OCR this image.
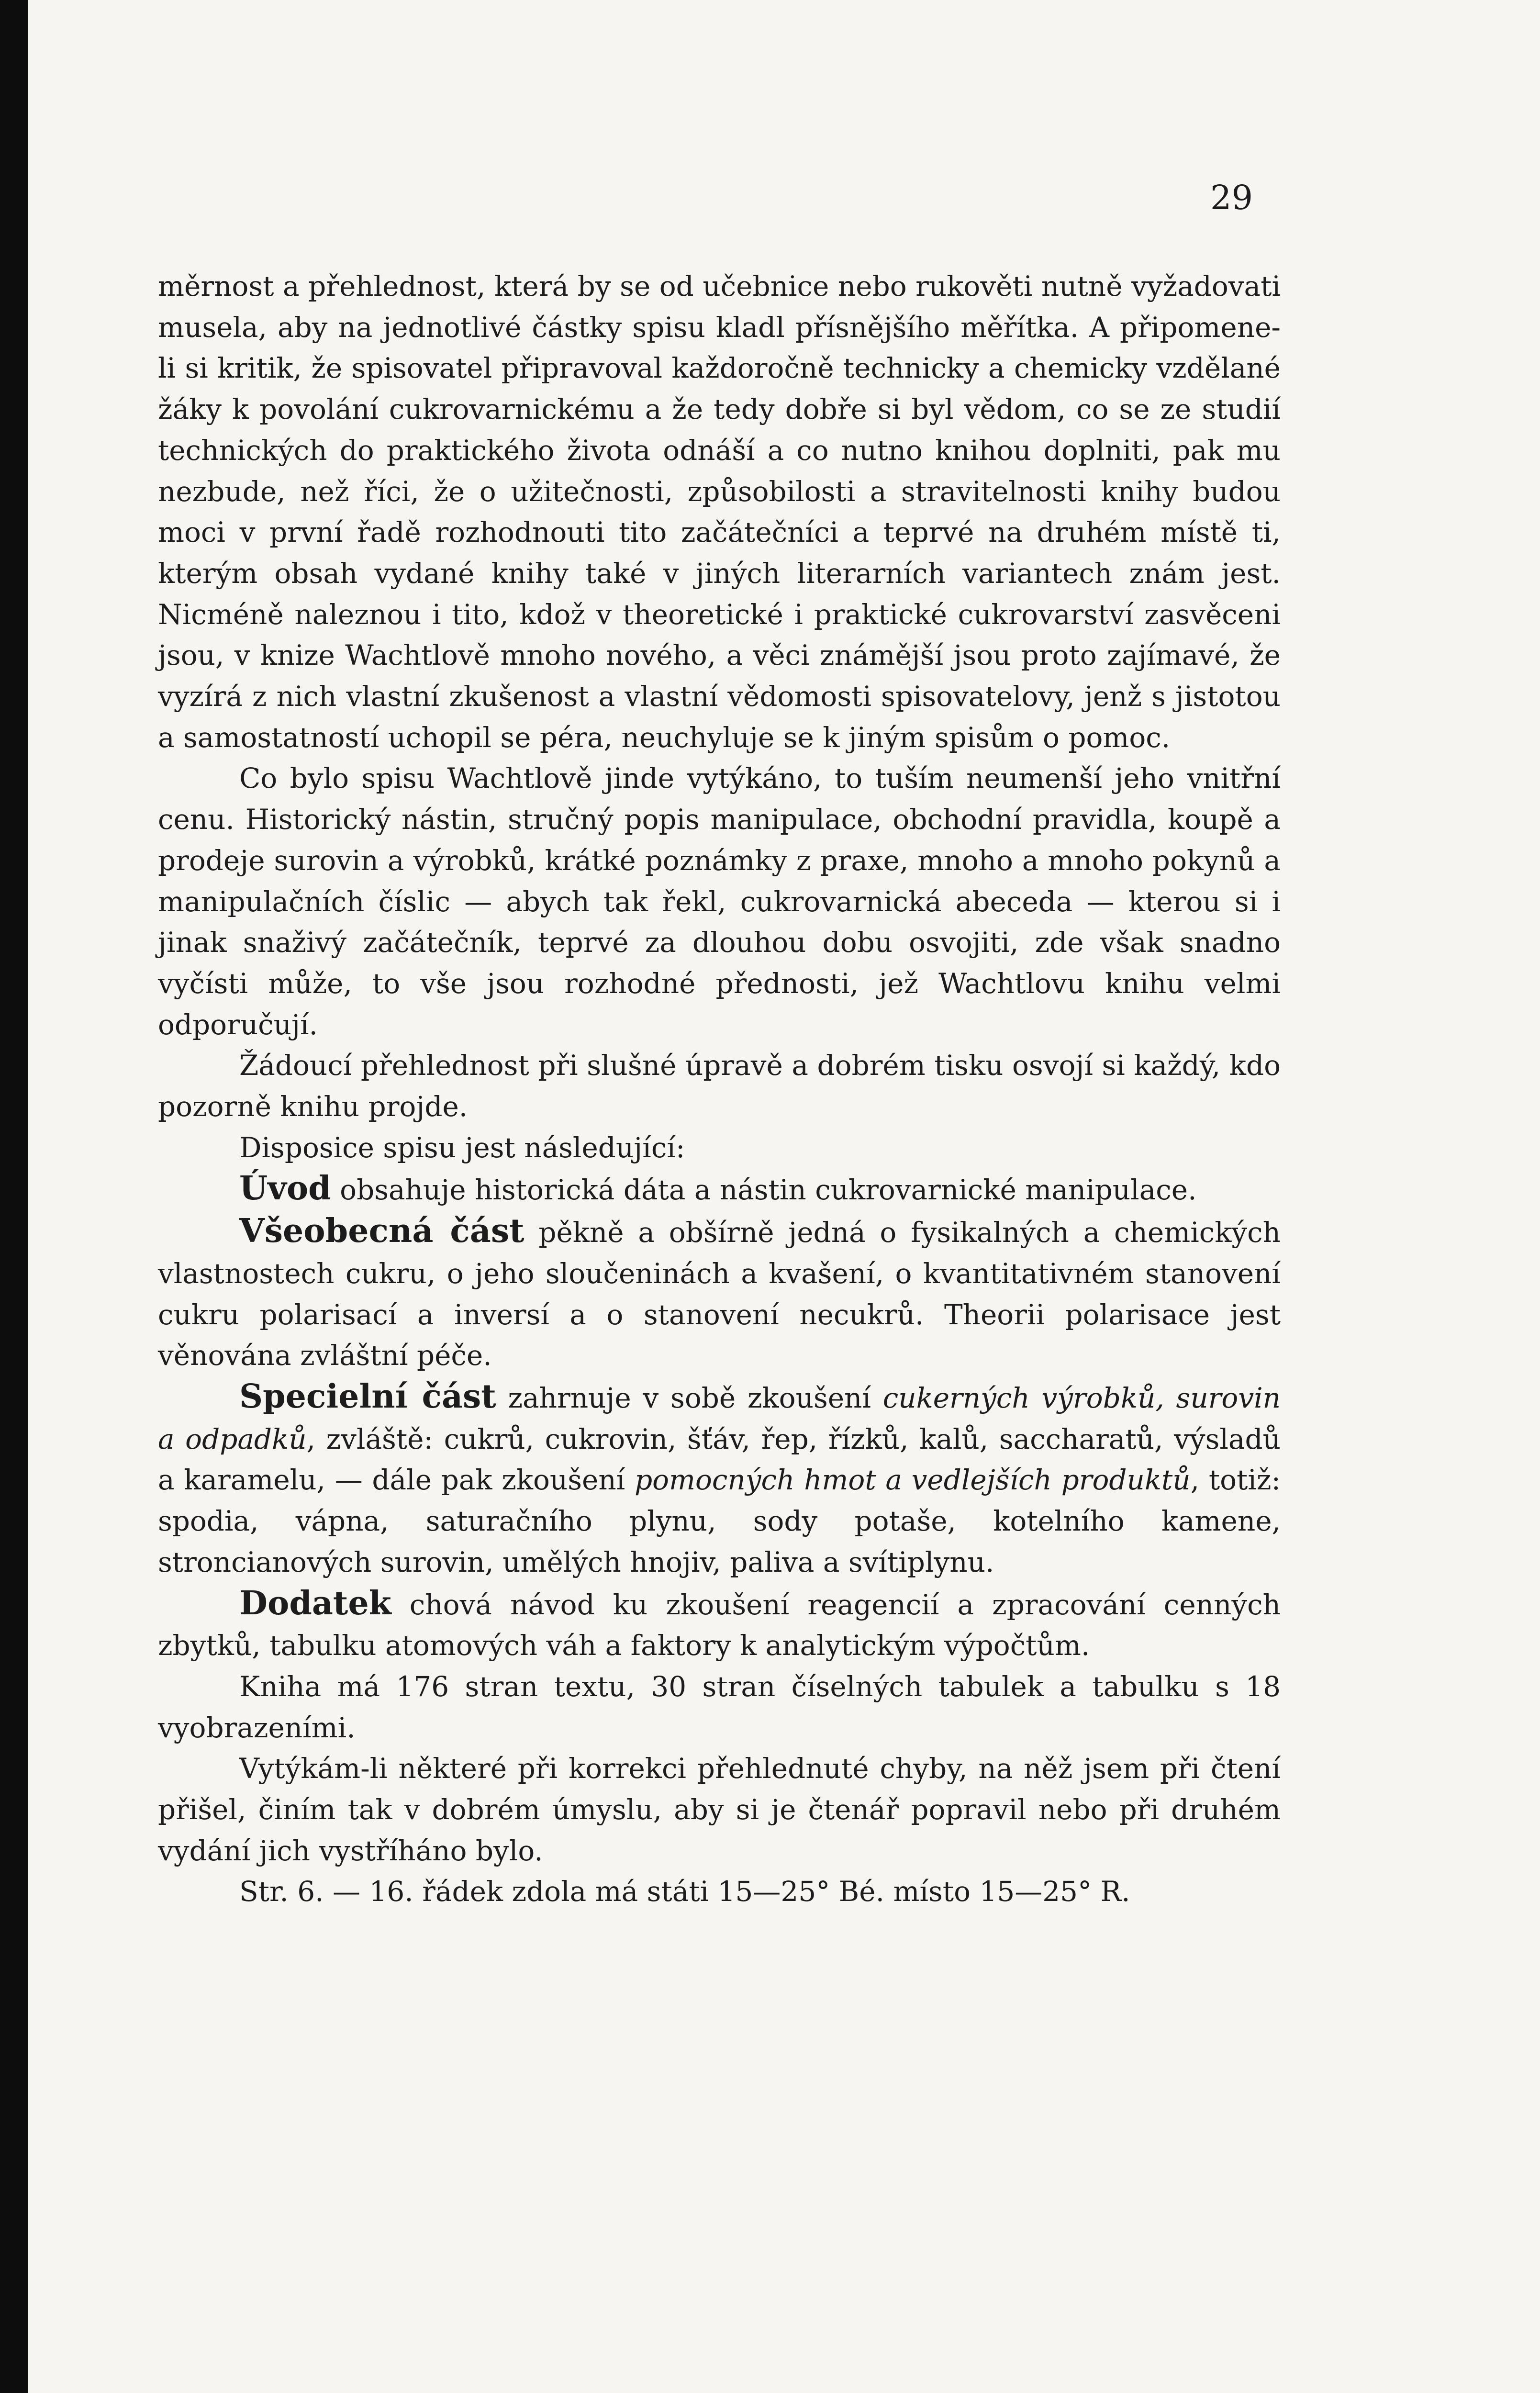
29

měrnost a přehlednost, která by se od učebnice nebo rukověti nutně vyžadovati musela, aby na jednotlivé částky spisu kladl přísnějšího měřítka. A připomene-li si kritik, že spisovatel připravoval každoročně technicky a chemicky vzdělané žáky k povolání cukrovarnickému a že tedy dobře si byl vědom, co se ze studií technických do praktického života odnáší a co nutno knihou doplniti, pak mu nezbude, než říci, že o užitečnosti, způsobilosti a stravitelnosti knihy budou moci v první řadě rozhodnouti tito začátečníci a teprvé na druhém místě ti, kterým obsah vydané knihy také v jiných literarních variantech znám jest. Nicméně naleznou i tito, kdož v theoretické i praktické cukrovarství zasvěceni jsou, v knize Wachtlově mnoho nového, a věci známější jsou proto zajímavé, že vyzírá z nich vlastní zkušenost a vlastní vědomosti spisovatelovy, jenž s jistotou a samostatností uchopil se péra, neuchyluje se k jiným spisům o pomoc.

Co bylo spisu Wachtlově jinde vytýkáno, to tuším neumenší jeho vnitřní cenu. Historický nástin, stručný popis manipulace, obchodní pravidla, koupě a prodeje surovin a výrobků, krátké poznámky z praxe, mnoho a mnoho pokynů a manipulačních číslic — abych tak řekl, cukrovarnická abeceda — kterou si i jinak snaživý začátečník, teprvé za dlouhou dobu osvojiti, zde však snadno vyčísti může, to vše jsou rozhodné přednosti, jež Wachtlovu knihu velmi odporučují.

Žádoucí přehlednost při slušné úpravě a dobrém tisku osvojí si každý, kdo pozorně knihu projde.

Disposice spisu jest následující:

Úvod obsahuje historická dáta a nástin cukrovarnické manipulace.

Všeobecná část pěkně a obšírně jedná o fysikalných a chemických vlastnostech cukru, o jeho sloučeninách a kvašení, o kvantitativném stanovení cukru polarisací a inversí a o stanovení necukrů. Theorii polarisace jest věnována zvláštní péče.

Specielní část zahrnuje v sobě zkoušení cukerných výrobků, surovin a odpadků, zvláště: cukrů, cukrovin, šťáv, řep, řízků, kalů, saccharatů, výsladů a karamelu, — dále pak zkoušení pomocných hmot a vedlejších produktů, totiž: spodia, vápna, saturačního plynu, sody potaše, kotelního kamene, stroncianových surovin, umělých hnojiv, paliva a svítiplynu.

Dodatek chová návod ku zkoušení reagencií a zpracování cenných zbytků, tabulku atomových váh a faktory k analytickým výpočtům.

Kniha má 176 stran textu, 30 stran číselných tabulek a tabulku s 18 vyobrazeními.

Vytýkám-li některé při korrekci přehlednuté chyby, na něž jsem při čtení přišel, činím tak v dobrém úmyslu, aby si je čtenář popravil nebo při druhém vydání jich vystříháno bylo.

Str. 6. — 16. řádek zdola má státi 15—25° Bé. místo 15—25° R.
